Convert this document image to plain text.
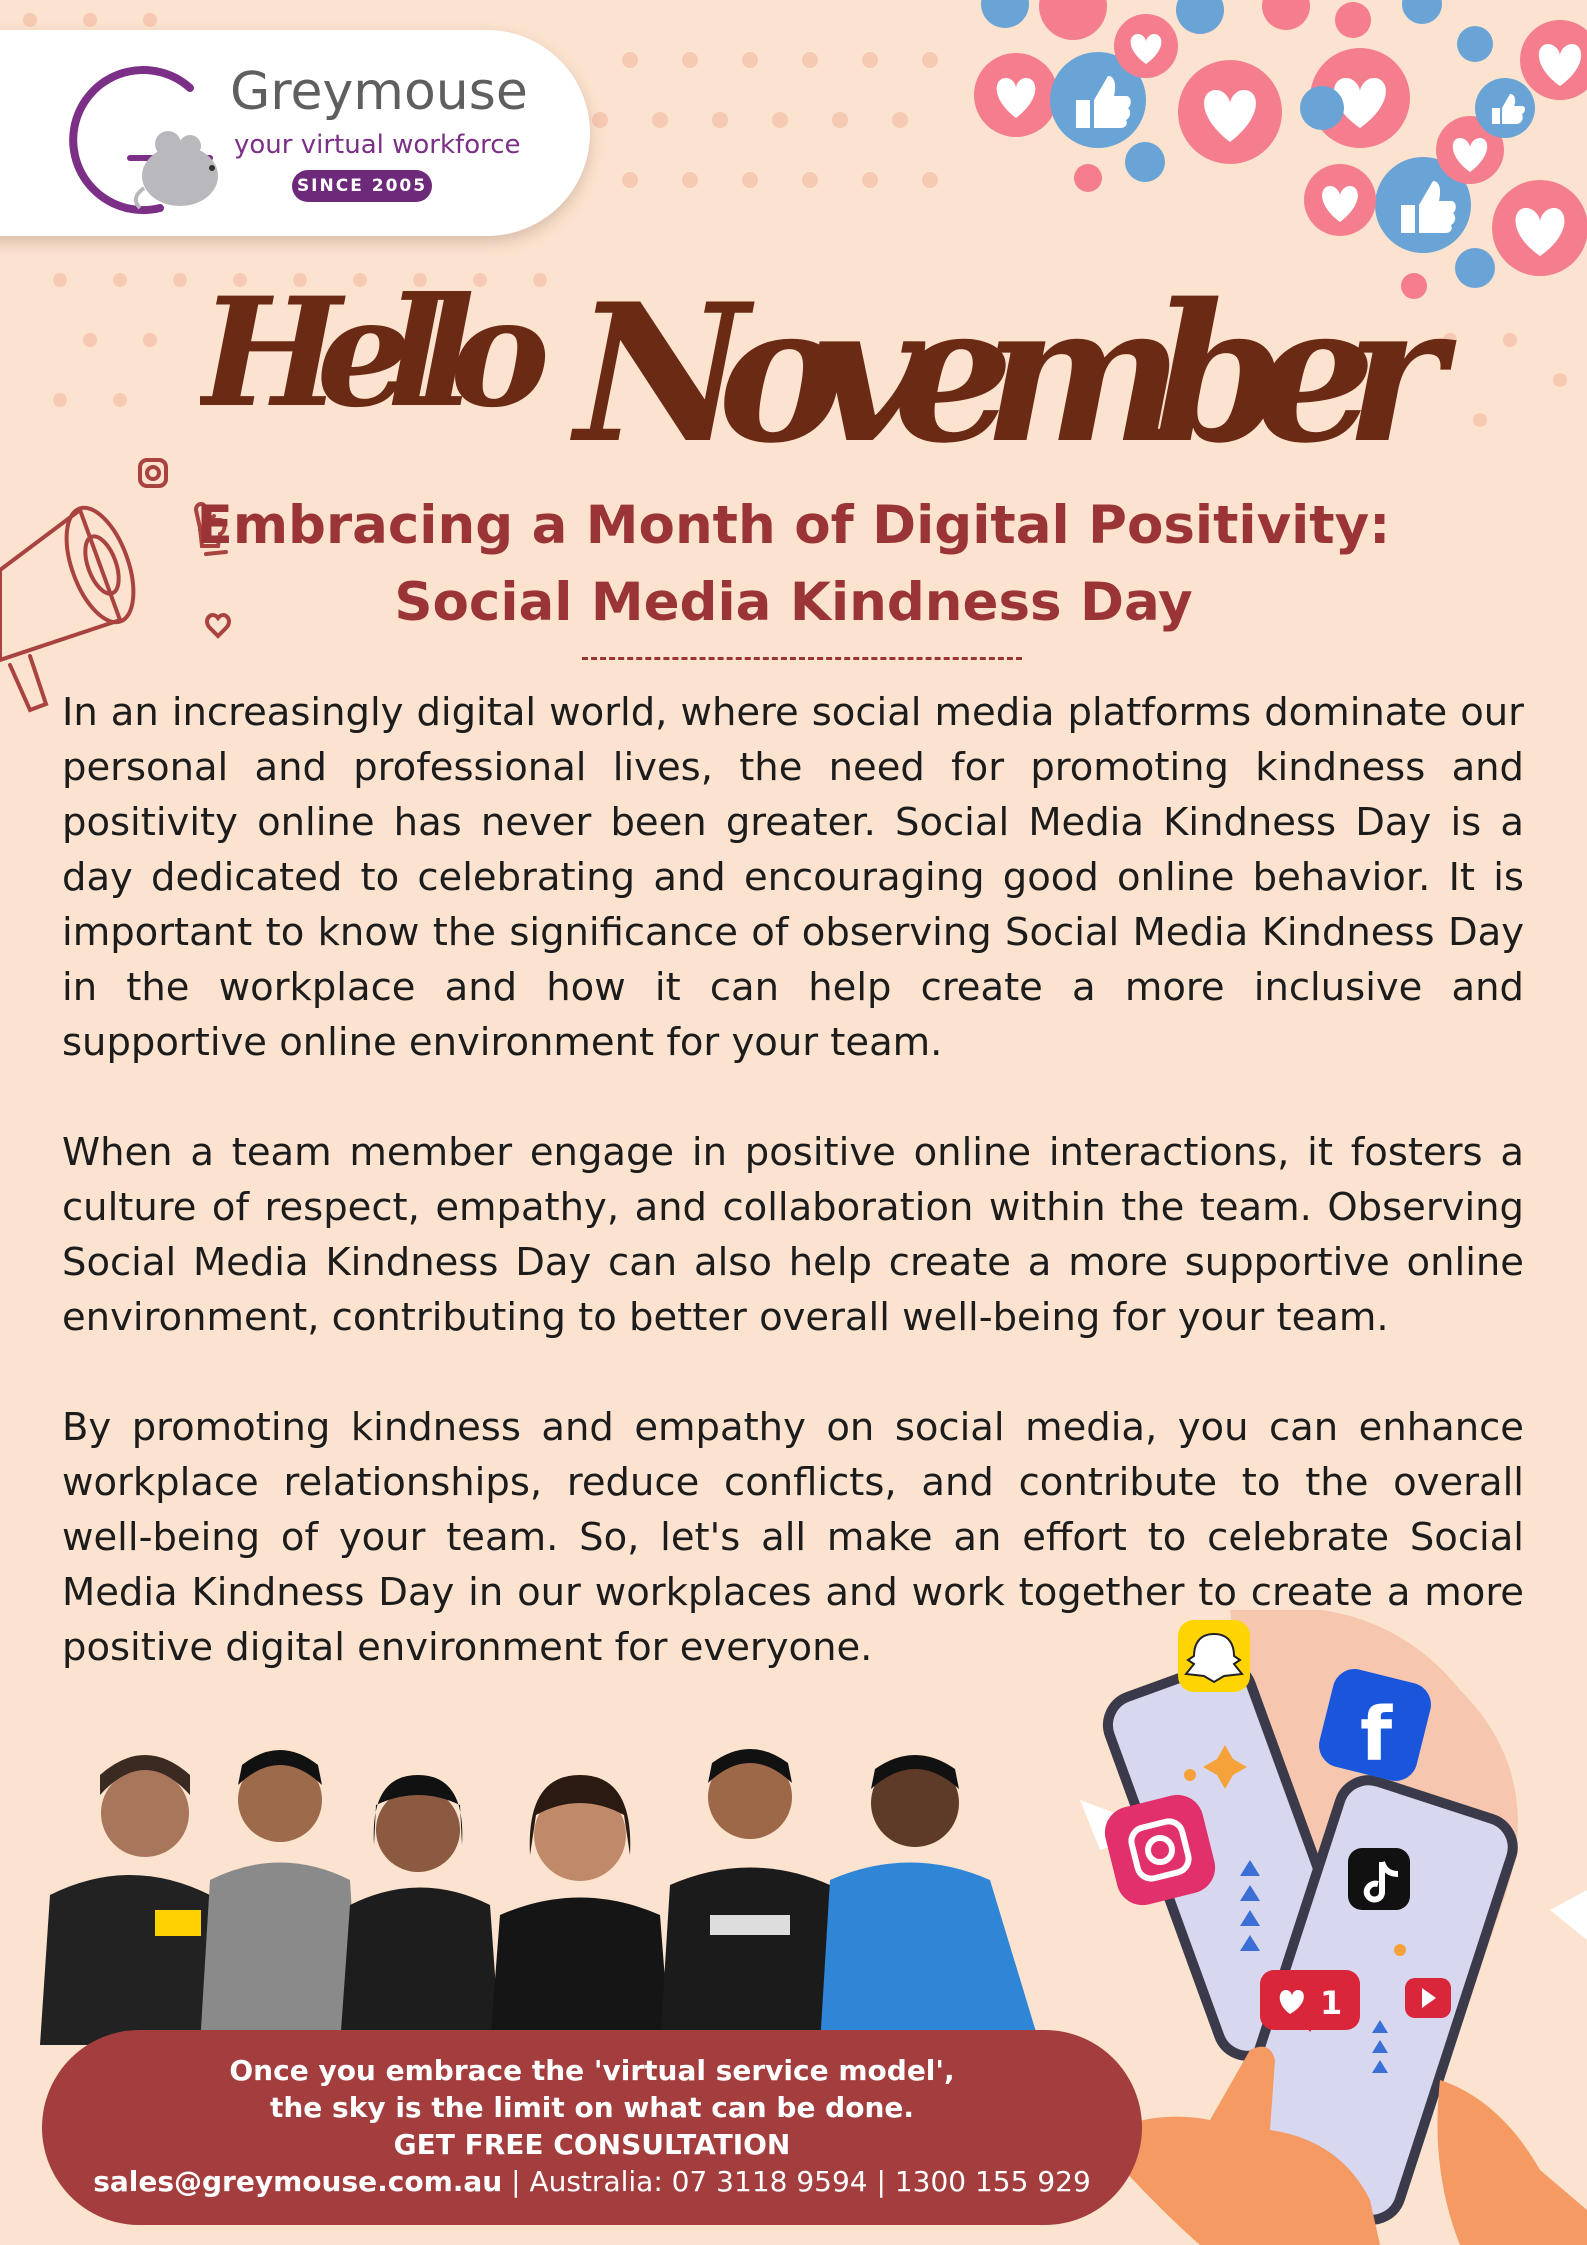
Greymouse
your virtual workforce
SINCE 2005
Hello November
Embracing a Month of Digital Positivity:
Social Media Kindness Day

In an increasingly digital world, where social media platforms dominate our personal and professional lives, the need for promoting kindness and positivity online has never been greater. Social Media Kindness Day is a day dedicated to celebrating and encouraging good online behavior. It is important to know the significance of observing Social Media Kindness Day in the workplace and how it can help create a more inclusive and supportive online environment for your team.

When a team member engage in positive online interactions, it fosters a culture of respect, empathy, and collaboration within the team. Observing Social Media Kindness Day can also help create a more supportive online environment, contributing to better overall well-being for your team.

By promoting kindness and empathy on social media, you can enhance workplace relationships, reduce conflicts, and contribute to the overall well-being of your team. So, let's all make an effort to celebrate Social Media Kindness Day in our workplaces and work together to create a more positive digital environment for everyone.

f
1
Once you embrace the 'virtual service model',
the sky is the limit on what can be done.
GET FREE CONSULTATION
sales@greymouse.com.au | Australia: 07 3118 9594 | 1300 155 929
